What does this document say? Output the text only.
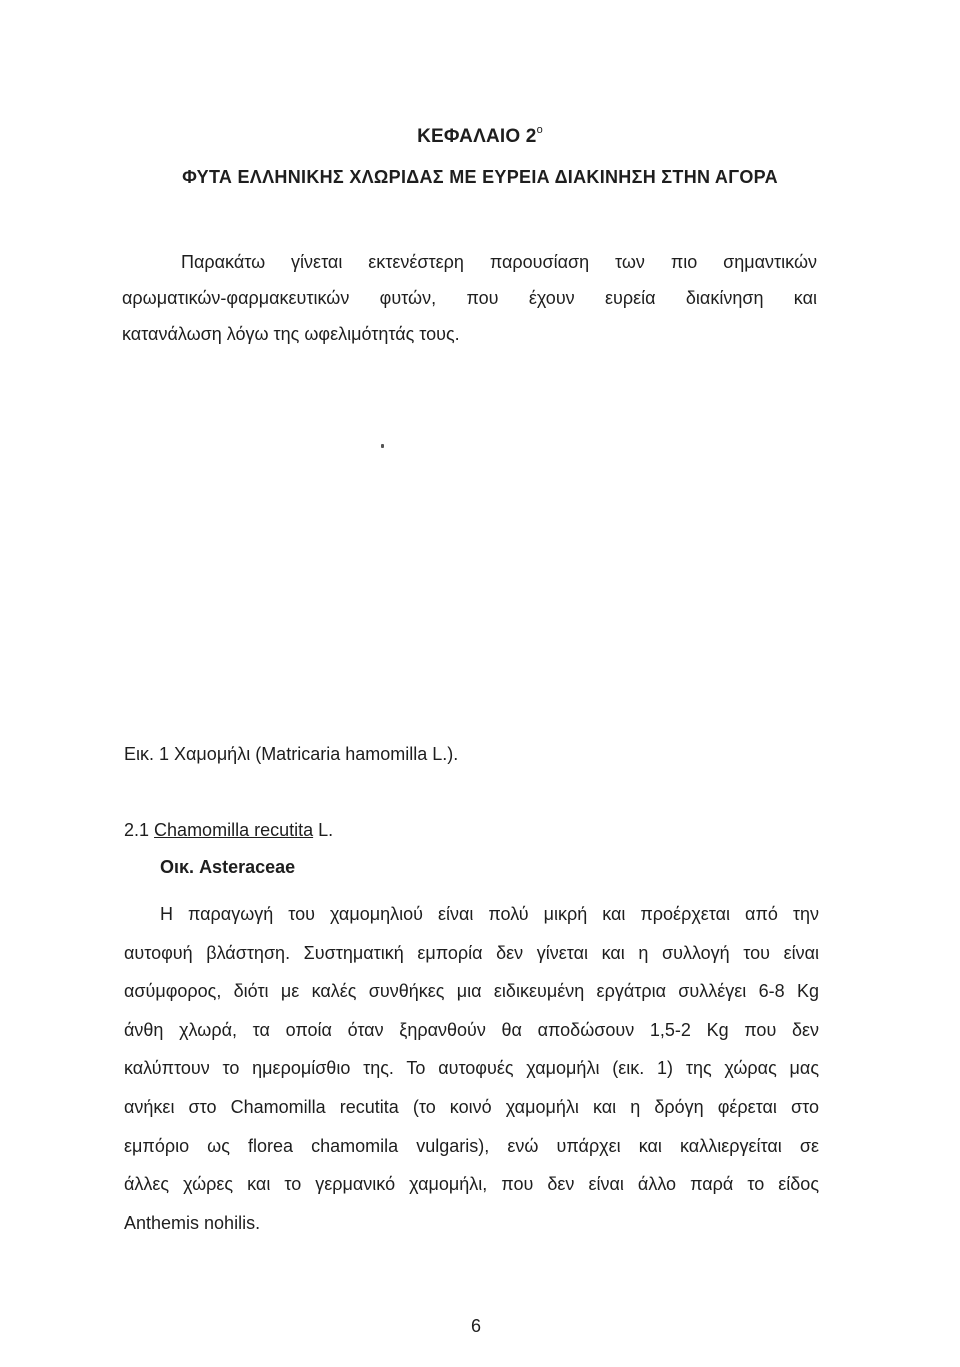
ΚΕΦΑΛΑΙΟ $2^o$
ΦΥΤΑ ΕΛΛΗΝΙΚΗΣ ΧΛΩΡΙΔΑΣ ΜΕ ΕΥΡΕΙΑ ΔΙΑΚΙΝΗΣΗ ΣΤΗΝ ΑΓΟΡΑ
Παρακάτω γίνεται εκτενέστερη παρουσίαση των πιο σημαντικών
αρωματικών-φαρμακευτικών φυτών, που έχουν ευρεία διακίνηση και
κατανάλωση λόγω της ωφελιμότητάς τους.
Εικ. 1 Χαμομήλι (Matricaria hamomilla L.).
2.1 Chamomilla recutita L.
Οικ. Asteraceae
Η παραγωγή του χαμομηλιού είναι πολύ μικρή και προέρχεται από την
αυτοφυή βλάστηση. Συστηματική εμπορία δεν γίνεται και η συλλογή του είναι
ασύμφορος, διότι με καλές συνθήκες μια ειδικευμένη εργάτρια συλλέγει 6-8 Kg
άνθη χλωρά, τα οποία όταν ξηρανθούν θα αποδώσουν 1,5-2 Kg που δεν
καλύπτουν το ημερομίσθιο της. Το αυτοφυές χαμομήλι (εικ. 1) της χώρας μας
ανήκει στο Chamomilla recutita (το κοινό χαμομήλι και η δρόγη φέρεται στο
εμπόριο ως florea chamomila vulgaris), ενώ υπάρχει και καλλιεργείται σε
άλλες χώρες και το γερμανικό χαμομήλι, που δεν είναι άλλο παρά το είδος
Anthemis nohilis.
6
